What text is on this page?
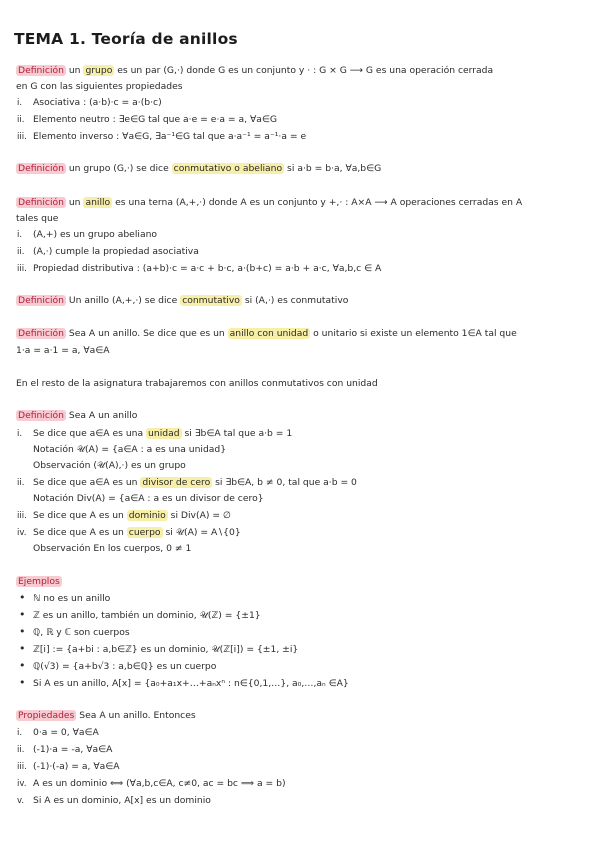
TEMA 1. Teoría de anillos
Definición un grupo es un par (G,·) donde G es un conjunto y · : G × G ⟶ G es una operación cerrada
en G con las siguientes propiedades
i. Asociativa : (a·b)·c = a·(b·c)
ii. Elemento neutro : ∃e∈G tal que a·e = e·a = a, ∀a∈G
iii. Elemento inverso : ∀a∈G, ∃a⁻¹∈G tal que a·a⁻¹ = a⁻¹·a = e
Definición un grupo (G,·) se dice conmutativo o abeliano si a·b = b·a, ∀a,b∈G
Definición un anillo es una terna (A,+,·) donde A es un conjunto y +,· : A×A ⟶ A operaciones cerradas en A
tales que
i. (A,+) es un grupo abeliano
ii. (A,·) cumple la propiedad asociativa
iii. Propiedad distributiva : (a+b)·c = a·c + b·c, a·(b+c) = a·b + a·c, ∀a,b,c ∈ A
Definición Un anillo (A,+,·) se dice conmutativo si (A,·) es conmutativo
Definición Sea A un anillo. Se dice que es un anillo con unidad o unitario si existe un elemento 1∈A tal que
1·a = a·1 = a, ∀a∈A
En el resto de la asignatura trabajaremos con anillos conmutativos con unidad
Definición Sea A un anillo
i. Se dice que a∈A es una unidad si ∃b∈A tal que a·b = 1
Notación 𝒰(A) = {a∈A : a es una unidad}
Observación (𝒰(A),·) es un grupo
ii. Se dice que a∈A es un divisor de cero si ∃b∈A, b ≠ 0, tal que a·b = 0
Notación Div(A) = {a∈A : a es un divisor de cero}
iii. Se dice que A es un dominio si Div(A) = ∅
iv. Se dice que A es un cuerpo si 𝒰(A) = A∖{0}
Observación En los cuerpos, 0 ≠ 1
Ejemplos
• ℕ no es un anillo
• ℤ es un anillo, también un dominio, 𝒰(ℤ) = {±1}
• ℚ, ℝ y ℂ son cuerpos
• ℤ[i] := {a+bi : a,b∈ℤ} es un dominio, 𝒰(ℤ[i]) = {±1, ±i}
• ℚ(√3) = {a+b√3 : a,b∈ℚ} es un cuerpo
• Si A es un anillo, A[x] = {a₀+a₁x+…+aₙxⁿ : n∈{0,1,…}, a₀,…,aₙ ∈A}
Propiedades Sea A un anillo. Entonces
i. 0·a = 0, ∀a∈A
ii. (-1)·a = -a, ∀a∈A
iii. (-1)·(-a) = a, ∀a∈A
iv. A es un dominio ⟺ (∀a,b,c∈A, c≠0, ac = bc ⟹ a = b)
v. Si A es un dominio, A[x] es un dominio
